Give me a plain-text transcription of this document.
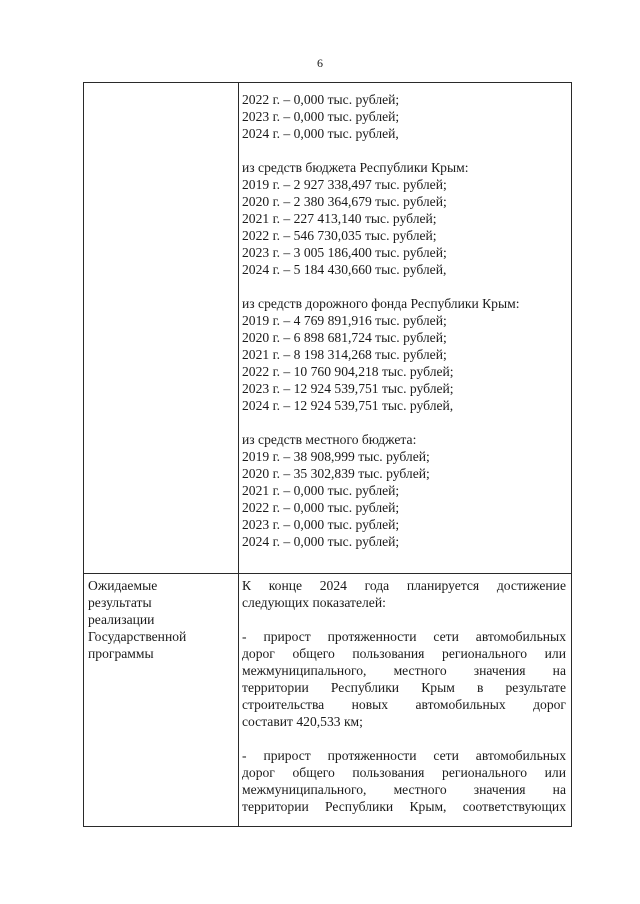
6
2022 г. – 0,000 тыс. рублей;
2023 г. – 0,000 тыс. рублей;
2024 г. – 0,000 тыс. рублей,
из средств бюджета Республики Крым:
2019 г. – 2 927 338,497 тыс. рублей;
2020 г. – 2 380 364,679 тыс. рублей;
2021 г. – 227 413,140 тыс. рублей;
2022 г. – 546 730,035 тыс. рублей;
2023 г. – 3 005 186,400 тыс. рублей;
2024 г. – 5 184 430,660 тыс. рублей,
из средств дорожного фонда Республики Крым:
2019 г. – 4 769 891,916 тыс. рублей;
2020 г. – 6 898 681,724 тыс. рублей;
2021 г. – 8 198 314,268 тыс. рублей;
2022 г. – 10 760 904,218 тыс. рублей;
2023 г. – 12 924 539,751 тыс. рублей;
2024 г. – 12 924 539,751 тыс. рублей,
из средств местного бюджета:
2019 г. – 38 908,999 тыс. рублей;
2020 г. – 35 302,839 тыс. рублей;
2021 г. – 0,000 тыс. рублей;
2022 г. – 0,000 тыс. рублей;
2023 г. – 0,000 тыс. рублей;
2024 г. – 0,000 тыс. рублей;
Ожидаемые
результаты
реализации
Государственной
программы
К конце 2024 года планируется достижение
следующих показателей:
- прирост протяженности сети автомобильных
дорог общего пользования регионального или
межмуниципального, местного значения на
территории Республики Крым в результате
строительства новых автомобильных дорог
составит 420,533 км;
- прирост протяженности сети автомобильных
дорог общего пользования регионального или
межмуниципального, местного значения на
территории Республики Крым, соответствующих
